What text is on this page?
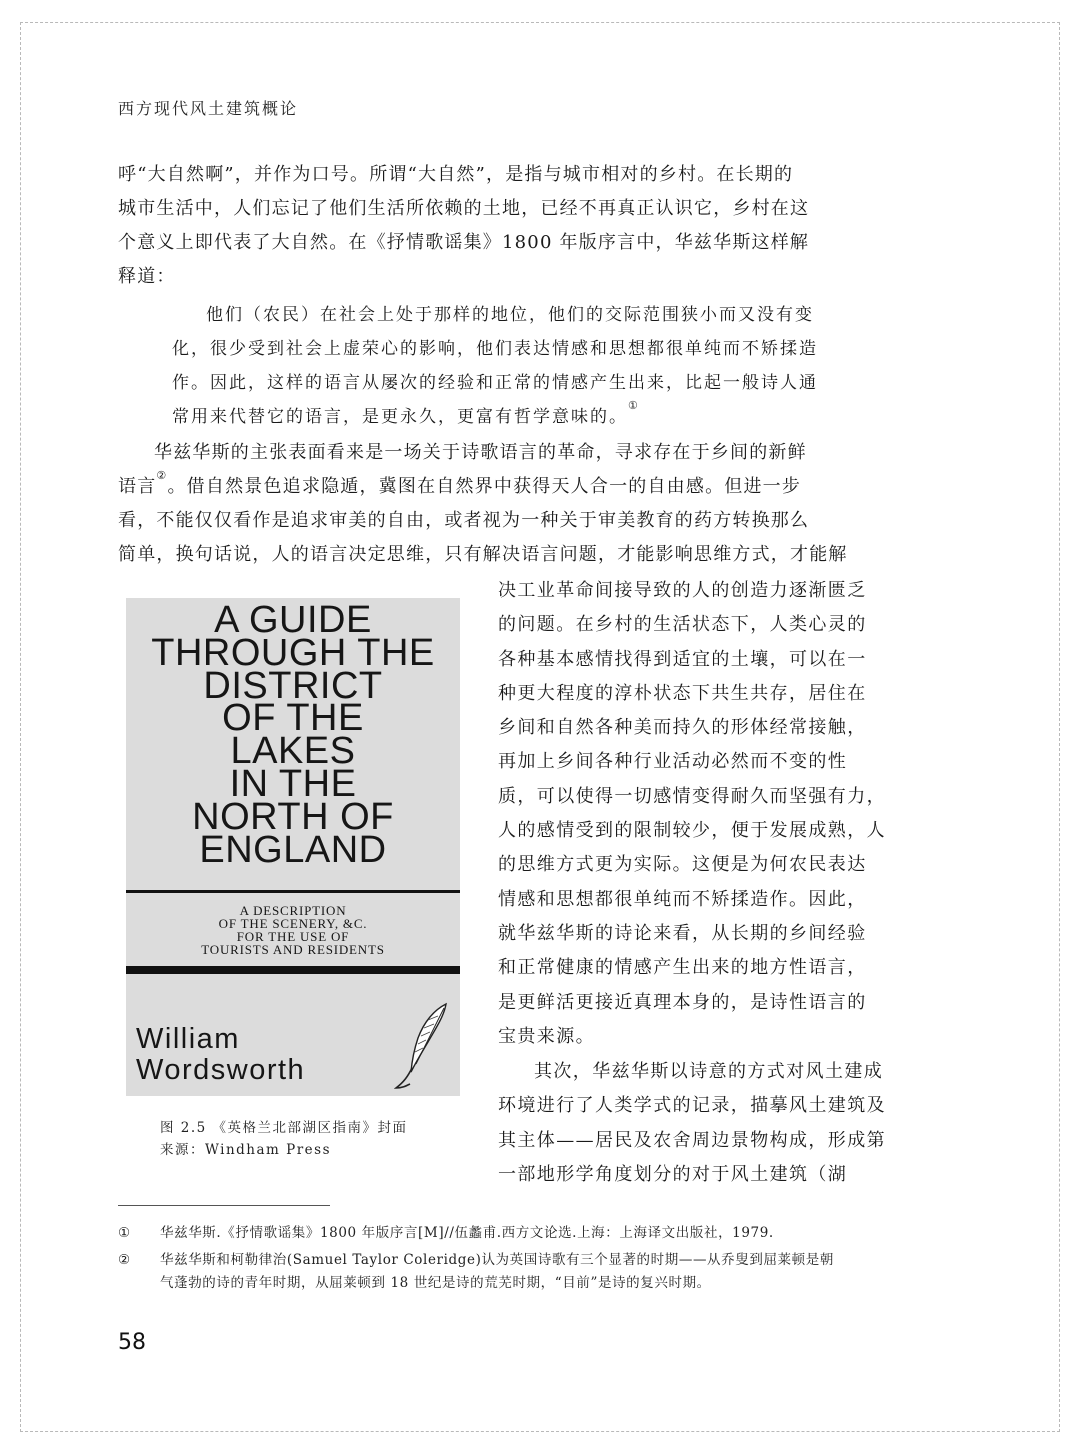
西方现代风土建筑概论

呼“大自然啊”，并作为口号。所谓“大自然”，是指与城市相对的乡村。在长期的
城市生活中，人们忘记了他们生活所依赖的土地，已经不再真正认识它，乡村在这
个意义上即代表了大自然。在《抒情歌谣集》1800 年版序言中，华兹华斯这样解
释道：

他们（农民）在社会上处于那样的地位，他们的交际范围狭小而又没有变
化，很少受到社会上虚荣心的影响，他们表达情感和思想都很单纯而不矫揉造
作。因此，这样的语言从屡次的经验和正常的情感产生出来，比起一般诗人通
常用来代替它的语言，是更永久，更富有哲学意味的。①

华兹华斯的主张表面看来是一场关于诗歌语言的革命，寻求存在于乡间的新鲜
语言②。借自然景色追求隐遁，冀图在自然界中获得天人合一的自由感。但进一步
看，不能仅仅看作是追求审美的自由，或者视为一种关于审美教育的药方转换那么
简单，换句话说，人的语言决定思维，只有解决语言问题，才能影响思维方式，才能解

决工业革命间接导致的人的创造力逐渐匮乏
的问题。在乡村的生活状态下，人类心灵的
各种基本感情找得到适宜的土壤，可以在一
种更大程度的淳朴状态下共生共存，居住在
乡间和自然各种美而持久的形体经常接触，
再加上乡间各种行业活动必然而不变的性
质，可以使得一切感情变得耐久而坚强有力，
人的感情受到的限制较少，便于发展成熟，人
的思维方式更为实际。这便是为何农民表达
情感和思想都很单纯而不矫揉造作。因此，
就华兹华斯的诗论来看，从长期的乡间经验
和正常健康的情感产生出来的地方性语言，
是更鲜活更接近真理本身的，是诗性语言的
宝贵来源。

其次，华兹华斯以诗意的方式对风土建成
环境进行了人类学式的记录，描摹风土建筑及
其主体——居民及农舍周边景物构成，形成第
一部地形学角度划分的对于风土建筑（湖

A GUIDE
THROUGH THE
DISTRICT
OF THE
LAKES
IN THE
NORTH OF
ENGLAND
A DESCRIPTION
OF THE SCENERY, &C.
FOR THE USE OF
TOURISTS AND RESIDENTS
William
Wordsworth
图 2.5 《英格兰北部湖区指南》封面
来源：Windham Press
① 华兹华斯.《抒情歌谣集》1800 年版序言[M]//伍蠡甫.西方文论选.上海：上海译文出版社，1979.
② 华兹华斯和柯勒律治(Samuel Taylor Coleridge)认为英国诗歌有三个显著的时期——从乔叟到屈莱顿是朝
气蓬勃的诗的青年时期，从屈莱顿到 18 世纪是诗的荒芜时期，“目前”是诗的复兴时期。
58
